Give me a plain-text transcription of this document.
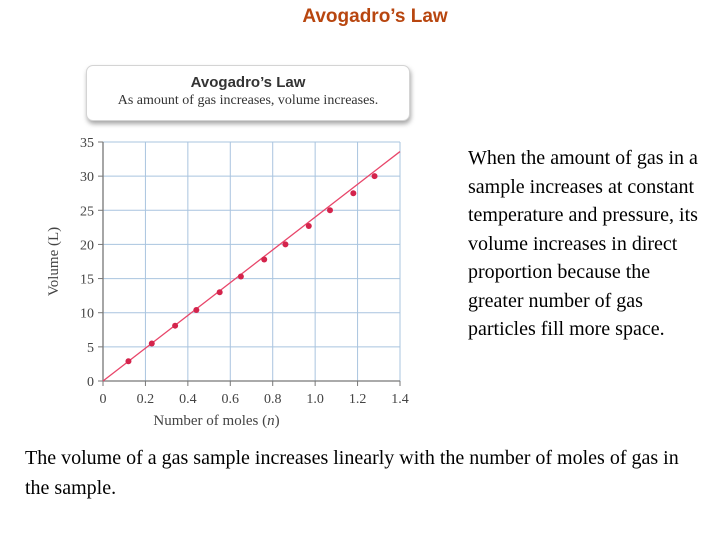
Avogadro’s Law
Avogadro’s Law
As amount of gas increases, volume increases.
0 0.2 0.4 0.6 0.8 1.0 1.2 1.4
0
5
10
15
20
25
30
35
Number of moles (n)
Volume (L)
When the amount of gas in a sample increases at constant temperature and pressure, its volume increases in direct proportion because the greater number of gas particles fill more space.
The volume of a gas sample increases linearly with the number of moles of gas in the sample.
